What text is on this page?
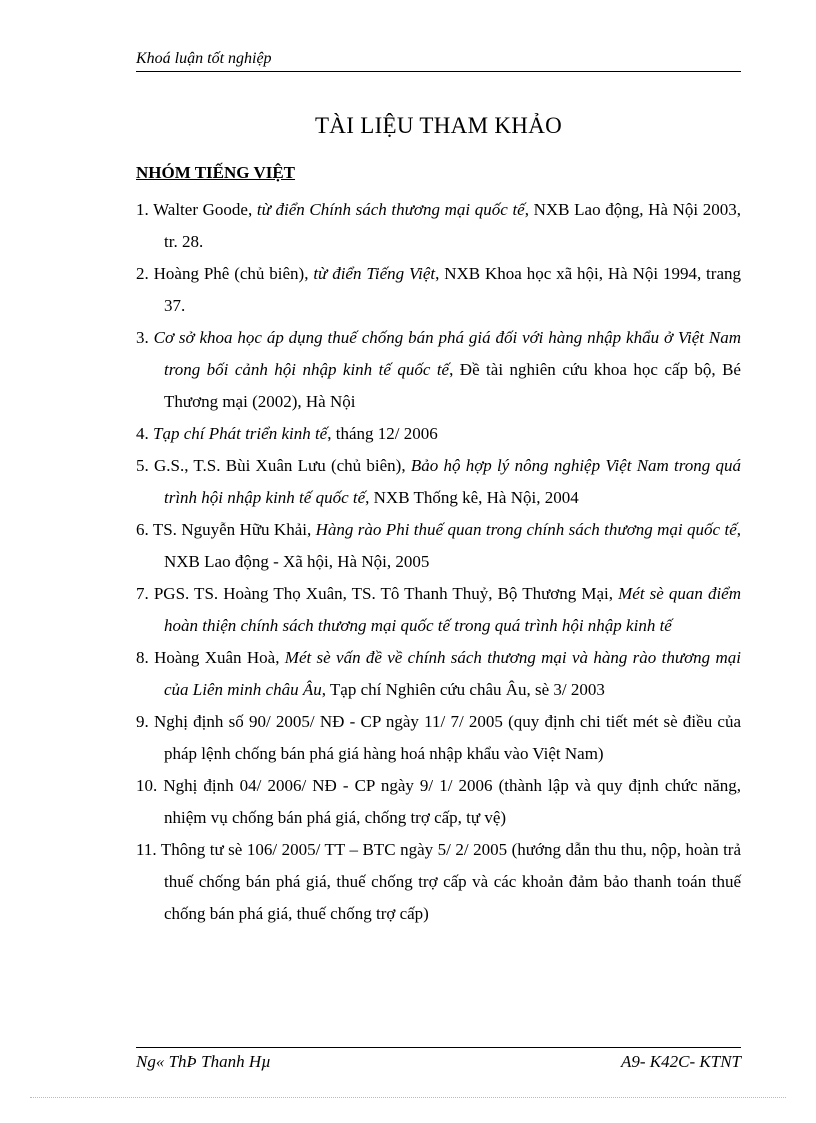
Khoá luận tốt nghiệp
TÀI LIỆU THAM KHẢO
NHÓM TIẾNG VIỆT
1. Walter Goode, từ điển Chính sách thương mại quốc tế, NXB Lao động, Hà Nội 2003, tr. 28.
2. Hoàng Phê (chủ biên), từ điển Tiếng Việt, NXB Khoa học xã hội, Hà Nội 1994, trang 37.
3. Cơ sở khoa học áp dụng thuế chống bán phá giá đối với hàng nhập khẩu ở Việt Nam trong bối cảnh hội nhập kinh tế quốc tế, Đề tài nghiên cứu khoa học cấp bộ, Bé Thương mại (2002), Hà Nội
4. Tạp chí Phát triển kinh tế, tháng 12/ 2006
5. G.S., T.S. Bùi Xuân Lưu (chủ biên), Bảo hộ hợp lý nông nghiệp Việt Nam trong quá trình hội nhập kinh tế quốc tế, NXB Thống kê, Hà Nội, 2004
6. TS. Nguyễn Hữu Khải, Hàng rào Phi thuế quan trong chính sách thương mại quốc tế, NXB Lao động - Xã hội, Hà Nội, 2005
7. PGS. TS. Hoàng Thọ Xuân, TS. Tô Thanh Thuỷ, Bộ Thương Mại, Mét sè quan điểm hoàn thiện chính sách thương mại quốc tế trong quá trình hội nhập kinh tế
8. Hoàng Xuân Hoà, Mét sè vấn đề về chính sách thương mại và hàng rào thương mại của Liên minh châu Âu, Tạp chí Nghiên cứu châu Âu, sè 3/ 2003
9. Nghị định số 90/ 2005/ NĐ - CP ngày 11/ 7/ 2005 (quy định chi tiết mét sè điều của pháp lệnh chống bán phá giá hàng hoá nhập khẩu vào Việt Nam)
10. Nghị định 04/ 2006/ NĐ - CP ngày 9/ 1/ 2006 (thành lập và quy định chức năng, nhiệm vụ chống bán phá giá, chống trợ cấp, tự vệ)
11. Thông tư sè 106/ 2005/ TT – BTC ngày 5/ 2/ 2005 (hướng dẫn thu thu, nộp, hoàn trả thuế chống bán phá giá, thuế chống trợ cấp và các khoản đảm bảo thanh toán thuế chống bán phá giá, thuế chống trợ cấp)
Ng« ThÞ Thanh Hµ	A9- K42C- KTNT
